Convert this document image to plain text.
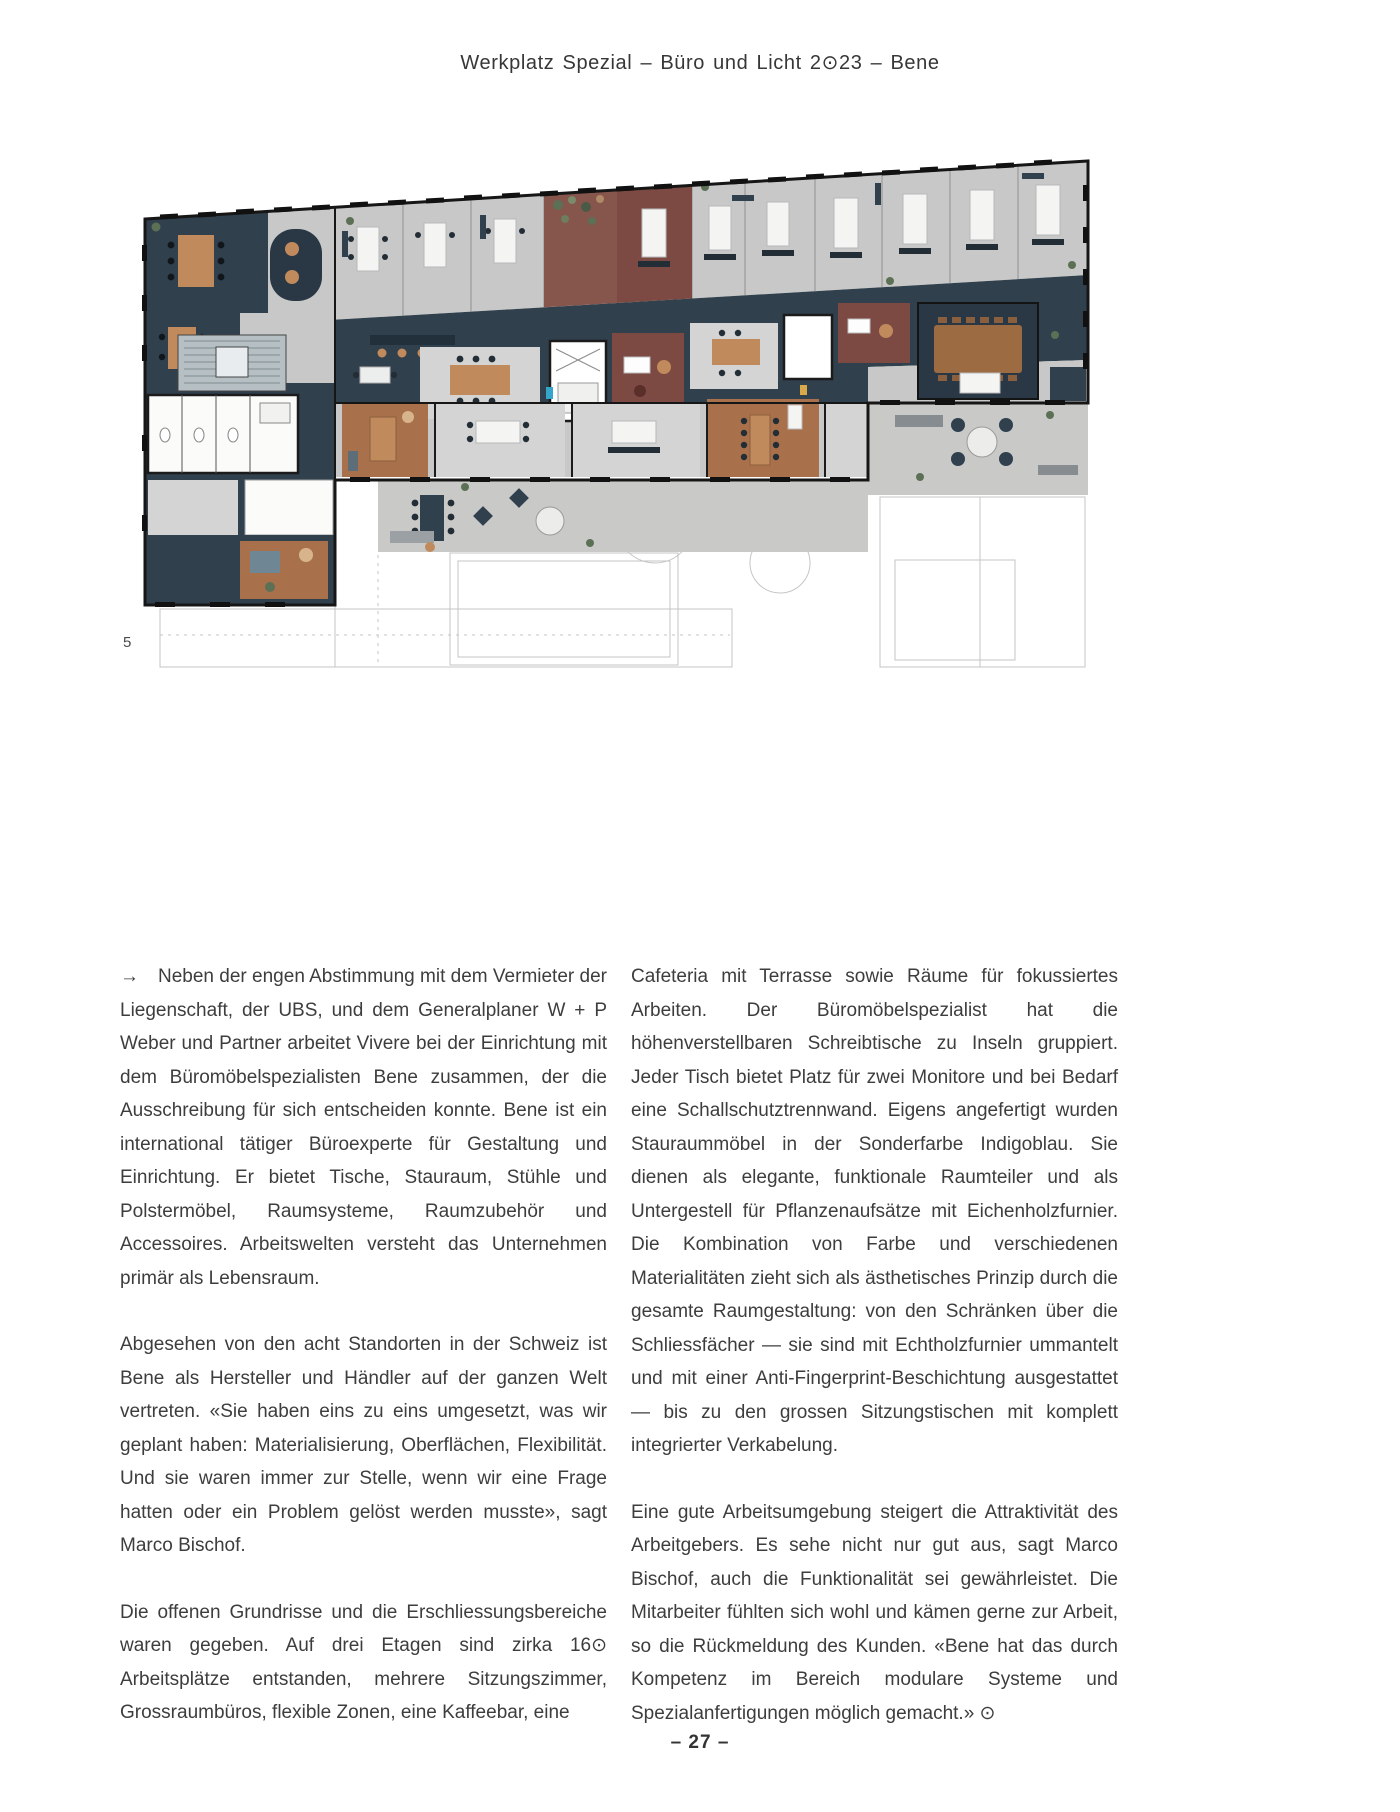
Werkplatz Spezial – Büro und Licht 2⊙23 – Bene
5

→ Neben der engen Abstimmung mit dem Vermieter der Liegenschaft, der UBS, und dem Generalplaner W + P Weber und Partner arbeitet Vivere bei der Einrichtung mit dem Büromöbelspezialisten Bene zusammen, der die Ausschreibung für sich entscheiden konnte. Bene ist ein international tätiger Büroexperte für Gestaltung und Einrichtung. Er bietet Tische, Stauraum, Stühle und Polstermöbel, Raumsysteme, Raumzubehör und Accessoires. Arbeitswelten versteht das Unternehmen primär als Lebensraum.

Abgesehen von den acht Standorten in der Schweiz ist Bene als Hersteller und Händler auf der ganzen Welt vertreten. «Sie haben eins zu eins umgesetzt, was wir geplant haben: Materialisierung, Oberflächen, Flexibilität. Und sie waren immer zur Stelle, wenn wir eine Frage hatten oder ein Problem gelöst werden musste», sagt Marco Bischof.

Die offenen Grundrisse und die Erschliessungsbereiche waren gegeben. Auf drei Etagen sind zirka 16⊙ Arbeitsplätze entstanden, mehrere Sitzungszimmer, Grossraumbüros, flexible Zonen, eine Kaffeebar, eine

Cafeteria mit Terrasse sowie Räume für fokussiertes Arbeiten. Der Büromöbelspezialist hat die höhenverstellbaren Schreibtische zu Inseln gruppiert. Jeder Tisch bietet Platz für zwei Monitore und bei Bedarf eine Schallschutztrennwand. Eigens angefertigt wurden Stauraummöbel in der Sonderfarbe Indigoblau. Sie dienen als elegante, funktionale Raumteiler und als Untergestell für Pflanzenaufsätze mit Eichenholzfurnier. Die Kombination von Farbe und verschiedenen Materialitäten zieht sich als ästhetisches Prinzip durch die gesamte Raumgestaltung: von den Schränken über die Schliessfächer — sie sind mit Echtholzfurnier ummantelt und mit einer Anti-Fingerprint-Beschichtung ausgestattet — bis zu den grossen Sitzungstischen mit komplett integrierter Verkabelung.

Eine gute Arbeitsumgebung steigert die Attraktivität des Arbeitgebers. Es sehe nicht nur gut aus, sagt Marco Bischof, auch die Funktionalität sei gewährleistet. Die Mitarbeiter fühlten sich wohl und kämen gerne zur Arbeit, so die Rückmeldung des Kunden. «Bene hat das durch Kompetenz im Bereich modulare Systeme und Spezialanfertigungen möglich gemacht.» ⊙

– 27 –
